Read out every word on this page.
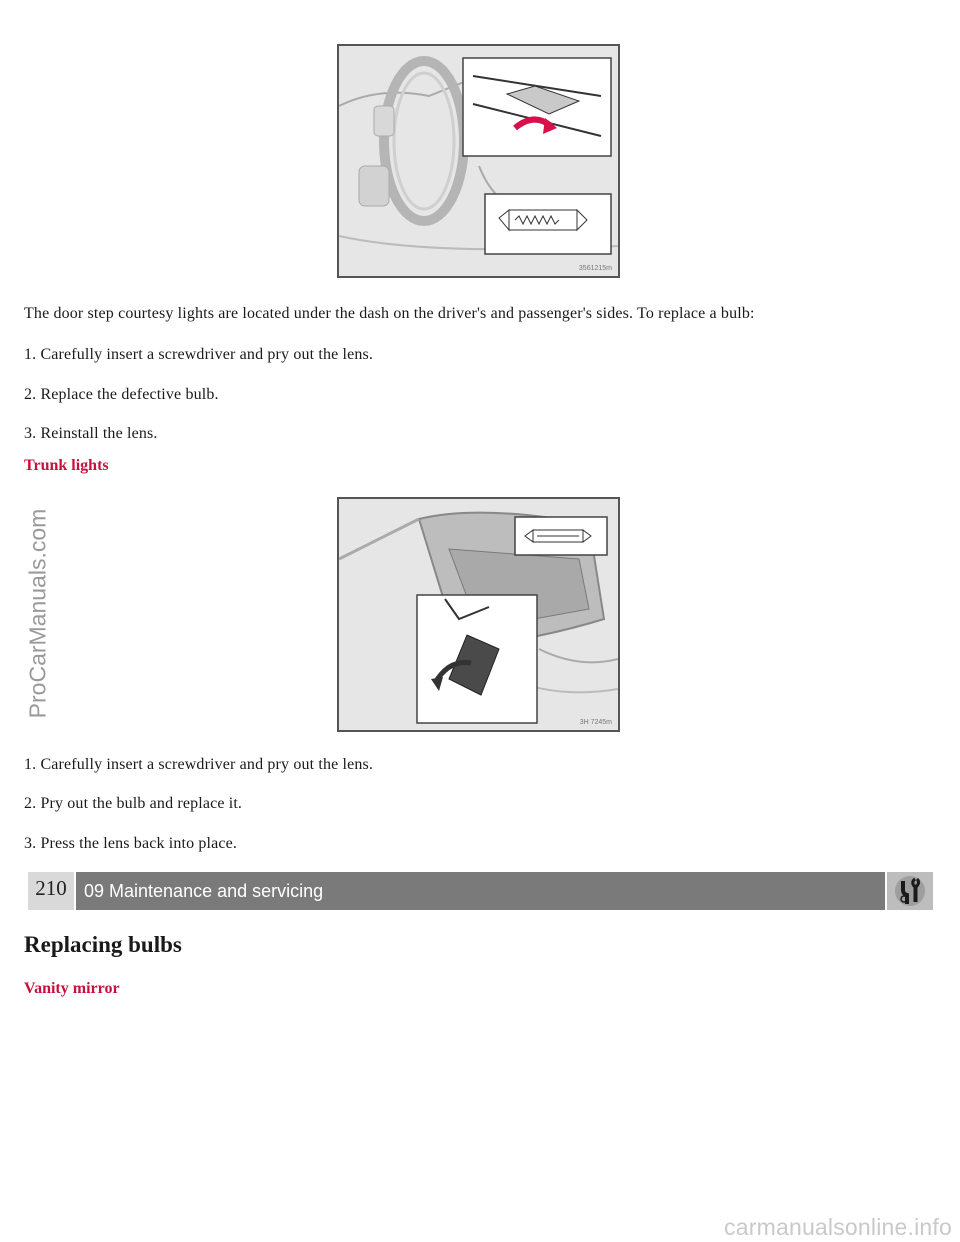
3561215m
The door step courtesy lights are located under the dash on the driver's and passenger's sides. To replace a bulb:
1. Carefully insert a screwdriver and pry out the lens.
2. Replace the defective bulb.
3. Reinstall the lens.
Trunk lights
3H 7245m
1. Carefully insert a screwdriver and pry out the lens.
2. Pry out the bulb and replace it.
3. Press the lens back into place.
210 09 Maintenance and servicing
Replacing bulbs
Vanity mirror
ProCarManuals.com
carmanualsonline.info
